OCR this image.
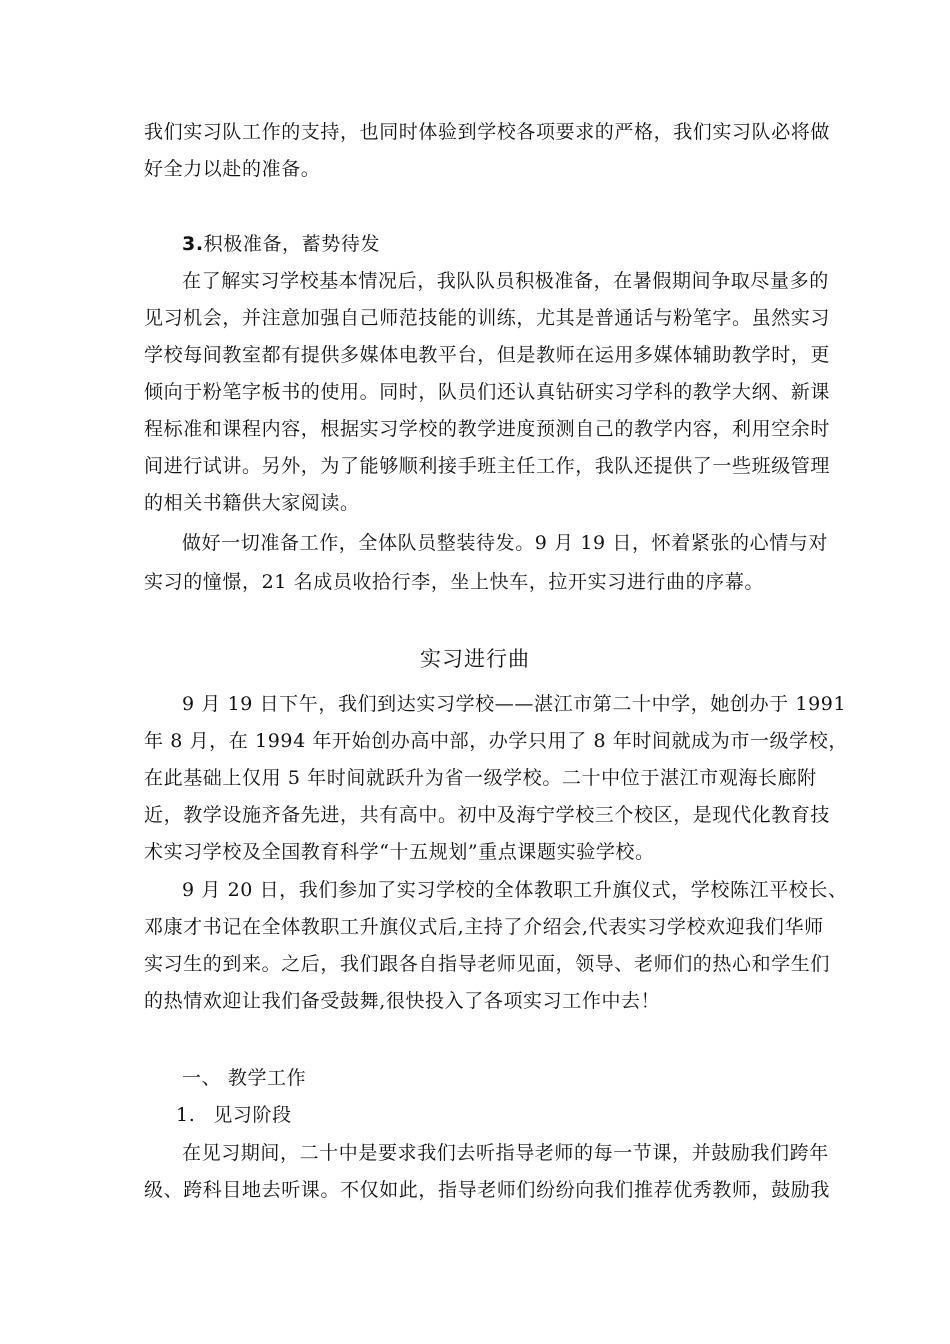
我们实习队工作的支持，也同时体验到学校各项要求的严格，我们实习队必将做
好全力以赴的准备。
3.积极准备，蓄势待发
在了解实习学校基本情况后，我队队员积极准备，在暑假期间争取尽量多的
见习机会，并注意加强自己师范技能的训练，尤其是普通话与粉笔字。虽然实习
学校每间教室都有提供多媒体电教平台，但是教师在运用多媒体辅助教学时，更
倾向于粉笔字板书的使用。同时，队员们还认真钻研实习学科的教学大纲、新课
程标准和课程内容，根据实习学校的教学进度预测自己的教学内容，利用空余时
间进行试讲。另外，为了能够顺利接手班主任工作，我队还提供了一些班级管理
的相关书籍供大家阅读。
做好一切准备工作，全体队员整装待发。9 月 19 日，怀着紧张的心情与对
实习的憧憬，21 名成员收拾行李，坐上快车，拉开实习进行曲的序幕。
实习进行曲
9 月 19 日下午，我们到达实习学校——湛江市第二十中学，她创办于 1991
年 8 月，在 1994 年开始创办高中部，办学只用了 8 年时间就成为市一级学校，
在此基础上仅用 5 年时间就跃升为省一级学校。二十中位于湛江市观海长廊附
近，教学设施齐备先进，共有高中。初中及海宁学校三个校区，是现代化教育技
术实习学校及全国教育科学“十五规划”重点课题实验学校。
9 月 20 日，我们参加了实习学校的全体教职工升旗仪式，学校陈江平校长、
邓康才书记在全体教职工升旗仪式后,主持了介绍会,代表实习学校欢迎我们华师
实习生的到来。之后，我们跟各自指导老师见面，领导、老师们的热心和学生们
的热情欢迎让我们备受鼓舞,很快投入了各项实习工作中去！
一、 教学工作
1. 见习阶段
在见习期间，二十中是要求我们去听指导老师的每一节课，并鼓励我们跨年
级、跨科目地去听课。不仅如此，指导老师们纷纷向我们推荐优秀教师，鼓励我
